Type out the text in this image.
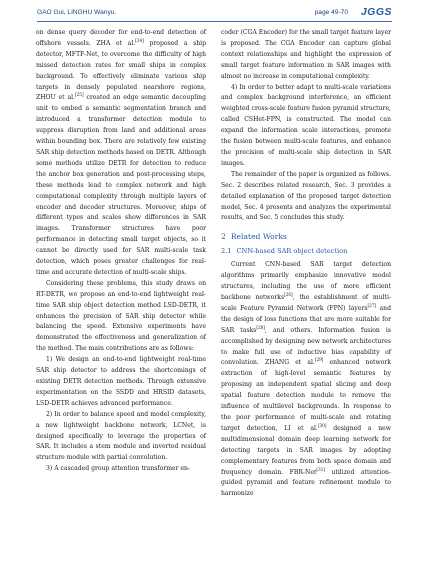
GAO Gui, LINGHU Wanyu.	page 49-70 JGGS

on dense query decoder for end-to-end detection of offshore vessels. ZHA et al.[24] proposed a ship detector, MFTF-Net, to overcome the difficulty of high missed detection rates for small ships in complex background. To effectively eliminate various ship targets in densely populated nearshore regions, ZHOU et al.[25] created an edge semantic decoupling unit to embed a semantic segmentation branch and introduced a transformer detection module to suppress disruption from land and additional areas within bounding box. There are relatively few existing SAR ship detection methods based on DETR. Although some methods utilize DETR for detection to reduce the anchor box generation and post-processing steps, these methods lead to complex network and high computational complexity through multiple layers of encoder and decoder structures. Moreover, ships of different types and scales show differences in SAR images. Transformer structures have poor performance in detecting small target objects, so it cannot be directly used for SAR multi-scale task detection, which poses greater challenges for real-time and accurate detection of multi-scale ships.

Considering these problems, this study draws on RT-DETR, we propose an end-to-end lightweight real-time SAR ship object detection method LSD-DETR, it enhances the precision of SAR ship detector while balancing the speed. Extensive experiments have demonstrated the effectiveness and generalization of the method. The main contributions are as follows:

1) We design an end-to-end lightweight real-time SAR ship detector to address the shortcomings of existing DETR detection methods. Through extensive experimentation on the SSDD and HRSID datasets, LSD-DETR achieves advanced performance.

2) In order to balance speed and model complexity, a new lightweight backbone network, LCNet, is designed specifically to leverage the properties of SAR. It includes a stem module and inverted residual structure module with partial convolution.

3) A cascaded group attention transformer en-

coder (CGA Encoder) for the small target feature layer is proposed. The CGA Encoder can capture global context relationships and highlight the expression of small target feature information in SAR images with almost no increase in computational complexity.

4) In order to better adapt to multi-scale variations and complex background interference, an efficient weighted cross-scale feature fusion pyramid structure, called CSHet-FPN, is constructed. The model can expand the information scale interactions, promote the fusion between multi-scale features, and enhance the precision of multi-scale ship detection in SAR images.

The remainder of the paper is organized as follows. Sec. 2 describes related research, Sec. 3 provides a detailed explanation of the proposed target detection model, Sec. 4 presents and analyzes the experimental results, and Sec. 5 concludes this study.

2 Related Works
2.1 CNN-based SAR object detection

Current CNN-based SAR target detection algorithms primarily emphasize innovative model structures, including the use of more efficient backbone networks[26], the establishment of multi-scale Feature Pyramid Network (FPN) layers[27] and the design of loss functions that are more suitable for SAR tasks[28], and others. Information fusion is accomplished by designing new network architectures to make full use of inductive bias capability of convolution. ZHANG et al.[29] enhanced network extraction of high-level semantic features by proposing an independent spatial slicing and deep spatial feature detection module to remove the influence of multilevel backgrounds. In response to the poor performance of multi-scale and rotating target detection, LI et al.[30] designed a new multidimensional domain deep learning network for detecting targets in SAR images by adopting complementary features from both space domain and frequency domain. FBR-Net[31] utilized attention-guided pyramid and feature refinement module to harmonize
